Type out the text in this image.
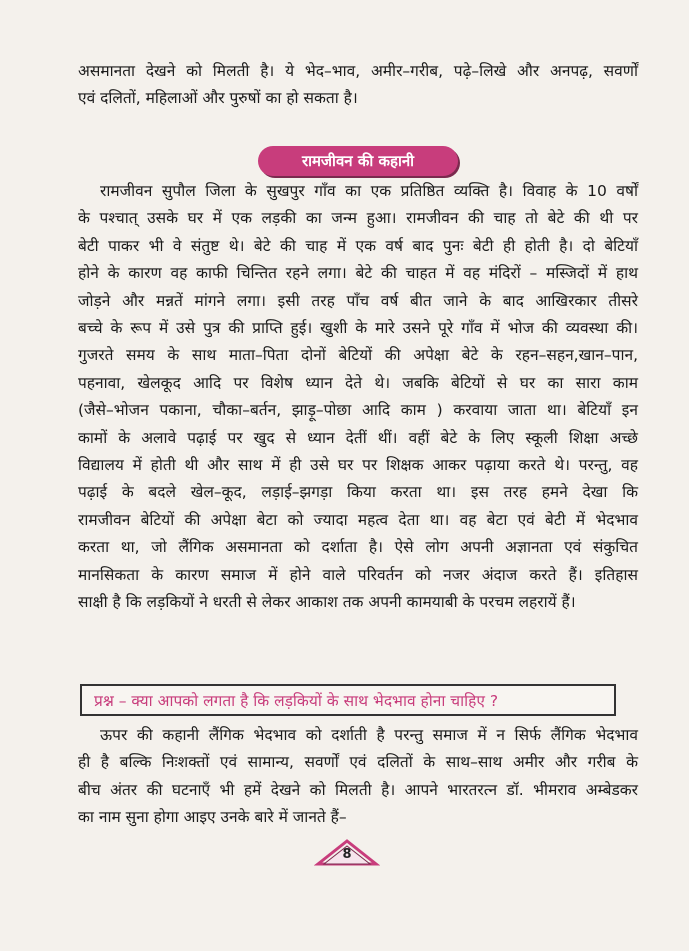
असमानता देखने को मिलती है। ये भेद–भाव, अमीर–गरीब, पढ़े–लिखे और अनपढ़, सवर्णों
एवं दलितों, महिलाओं और पुरुषों का हो सकता है।
रामजीवन की कहानी
रामजीवन सुपौल जिला के सुखपुर गाँव का एक प्रतिष्ठित व्यक्ति है। विवाह के 10 वर्षों
के पश्चात् उसके घर में एक लड़की का जन्म हुआ। रामजीवन की चाह तो बेटे की थी पर
बेटी पाकर भी वे संतुष्ट थे। बेटे की चाह में एक वर्ष बाद पुनः बेटी ही होती है। दो बेटियाँ
होने के कारण वह काफी चिन्तित रहने लगा। बेटे की चाहत में वह मंदिरों – मस्जिदों में हाथ
जोड़ने और मन्नतें मांगने लगा। इसी तरह पाँच वर्ष बीत जाने के बाद आखिरकार तीसरे
बच्चे के रूप में उसे पुत्र की प्राप्ति हुई। खुशी के मारे उसने पूरे गाँव में भोज की व्यवस्था की।
गुजरते समय के साथ माता–पिता दोनों बेटियों की अपेक्षा बेटे के रहन–सहन,खान–पान,
पहनावा, खेलकूद आदि पर विशेष ध्यान देते थे। जबकि बेटियों से घर का सारा काम
(जैसे–भोजन पकाना, चौका–बर्तन, झाड़ू–पोछा आदि काम ) करवाया जाता था। बेटियाँ इन
कामों के अलावे पढ़ाई पर खुद से ध्यान देतीं थीं। वहीं बेटे के लिए स्कूली शिक्षा अच्छे
विद्यालय में होती थी और साथ में ही उसे घर पर शिक्षक आकर पढ़ाया करते थे। परन्तु, वह
पढ़ाई के बदले खेल–कूद, लड़ाई–झगड़ा किया करता था। इस तरह हमने देखा कि
रामजीवन बेटियों की अपेक्षा बेटा को ज्यादा महत्व देता था। वह बेटा एवं बेटी में भेदभाव
करता था, जो लैंगिक असमानता को दर्शाता है। ऐसे लोग अपनी अज्ञानता एवं संकुचित
मानसिकता के कारण समाज में होने वाले परिवर्तन को नजर अंदाज करते हैं। इतिहास
साक्षी है कि लड़कियों ने धरती से लेकर आकाश तक अपनी कामयाबी के परचम लहरायें हैं।
प्रश्न – क्या आपको लगता है कि लड़कियों के साथ भेदभाव होना चाहिए ?
ऊपर की कहानी लैंगिक भेदभाव को दर्शाती है परन्तु समाज में न सिर्फ लैंगिक भेदभाव
ही है बल्कि निःशक्तों एवं सामान्य, सवर्णों एवं दलितों के साथ–साथ अमीर और गरीब के
बीच अंतर की घटनाएँ भी हमें देखने को मिलती है। आपने भारतरत्न डॉ. भीमराव अम्बेडकर
का नाम सुना होगा आइए उनके बारे में जानते हैं–
8
